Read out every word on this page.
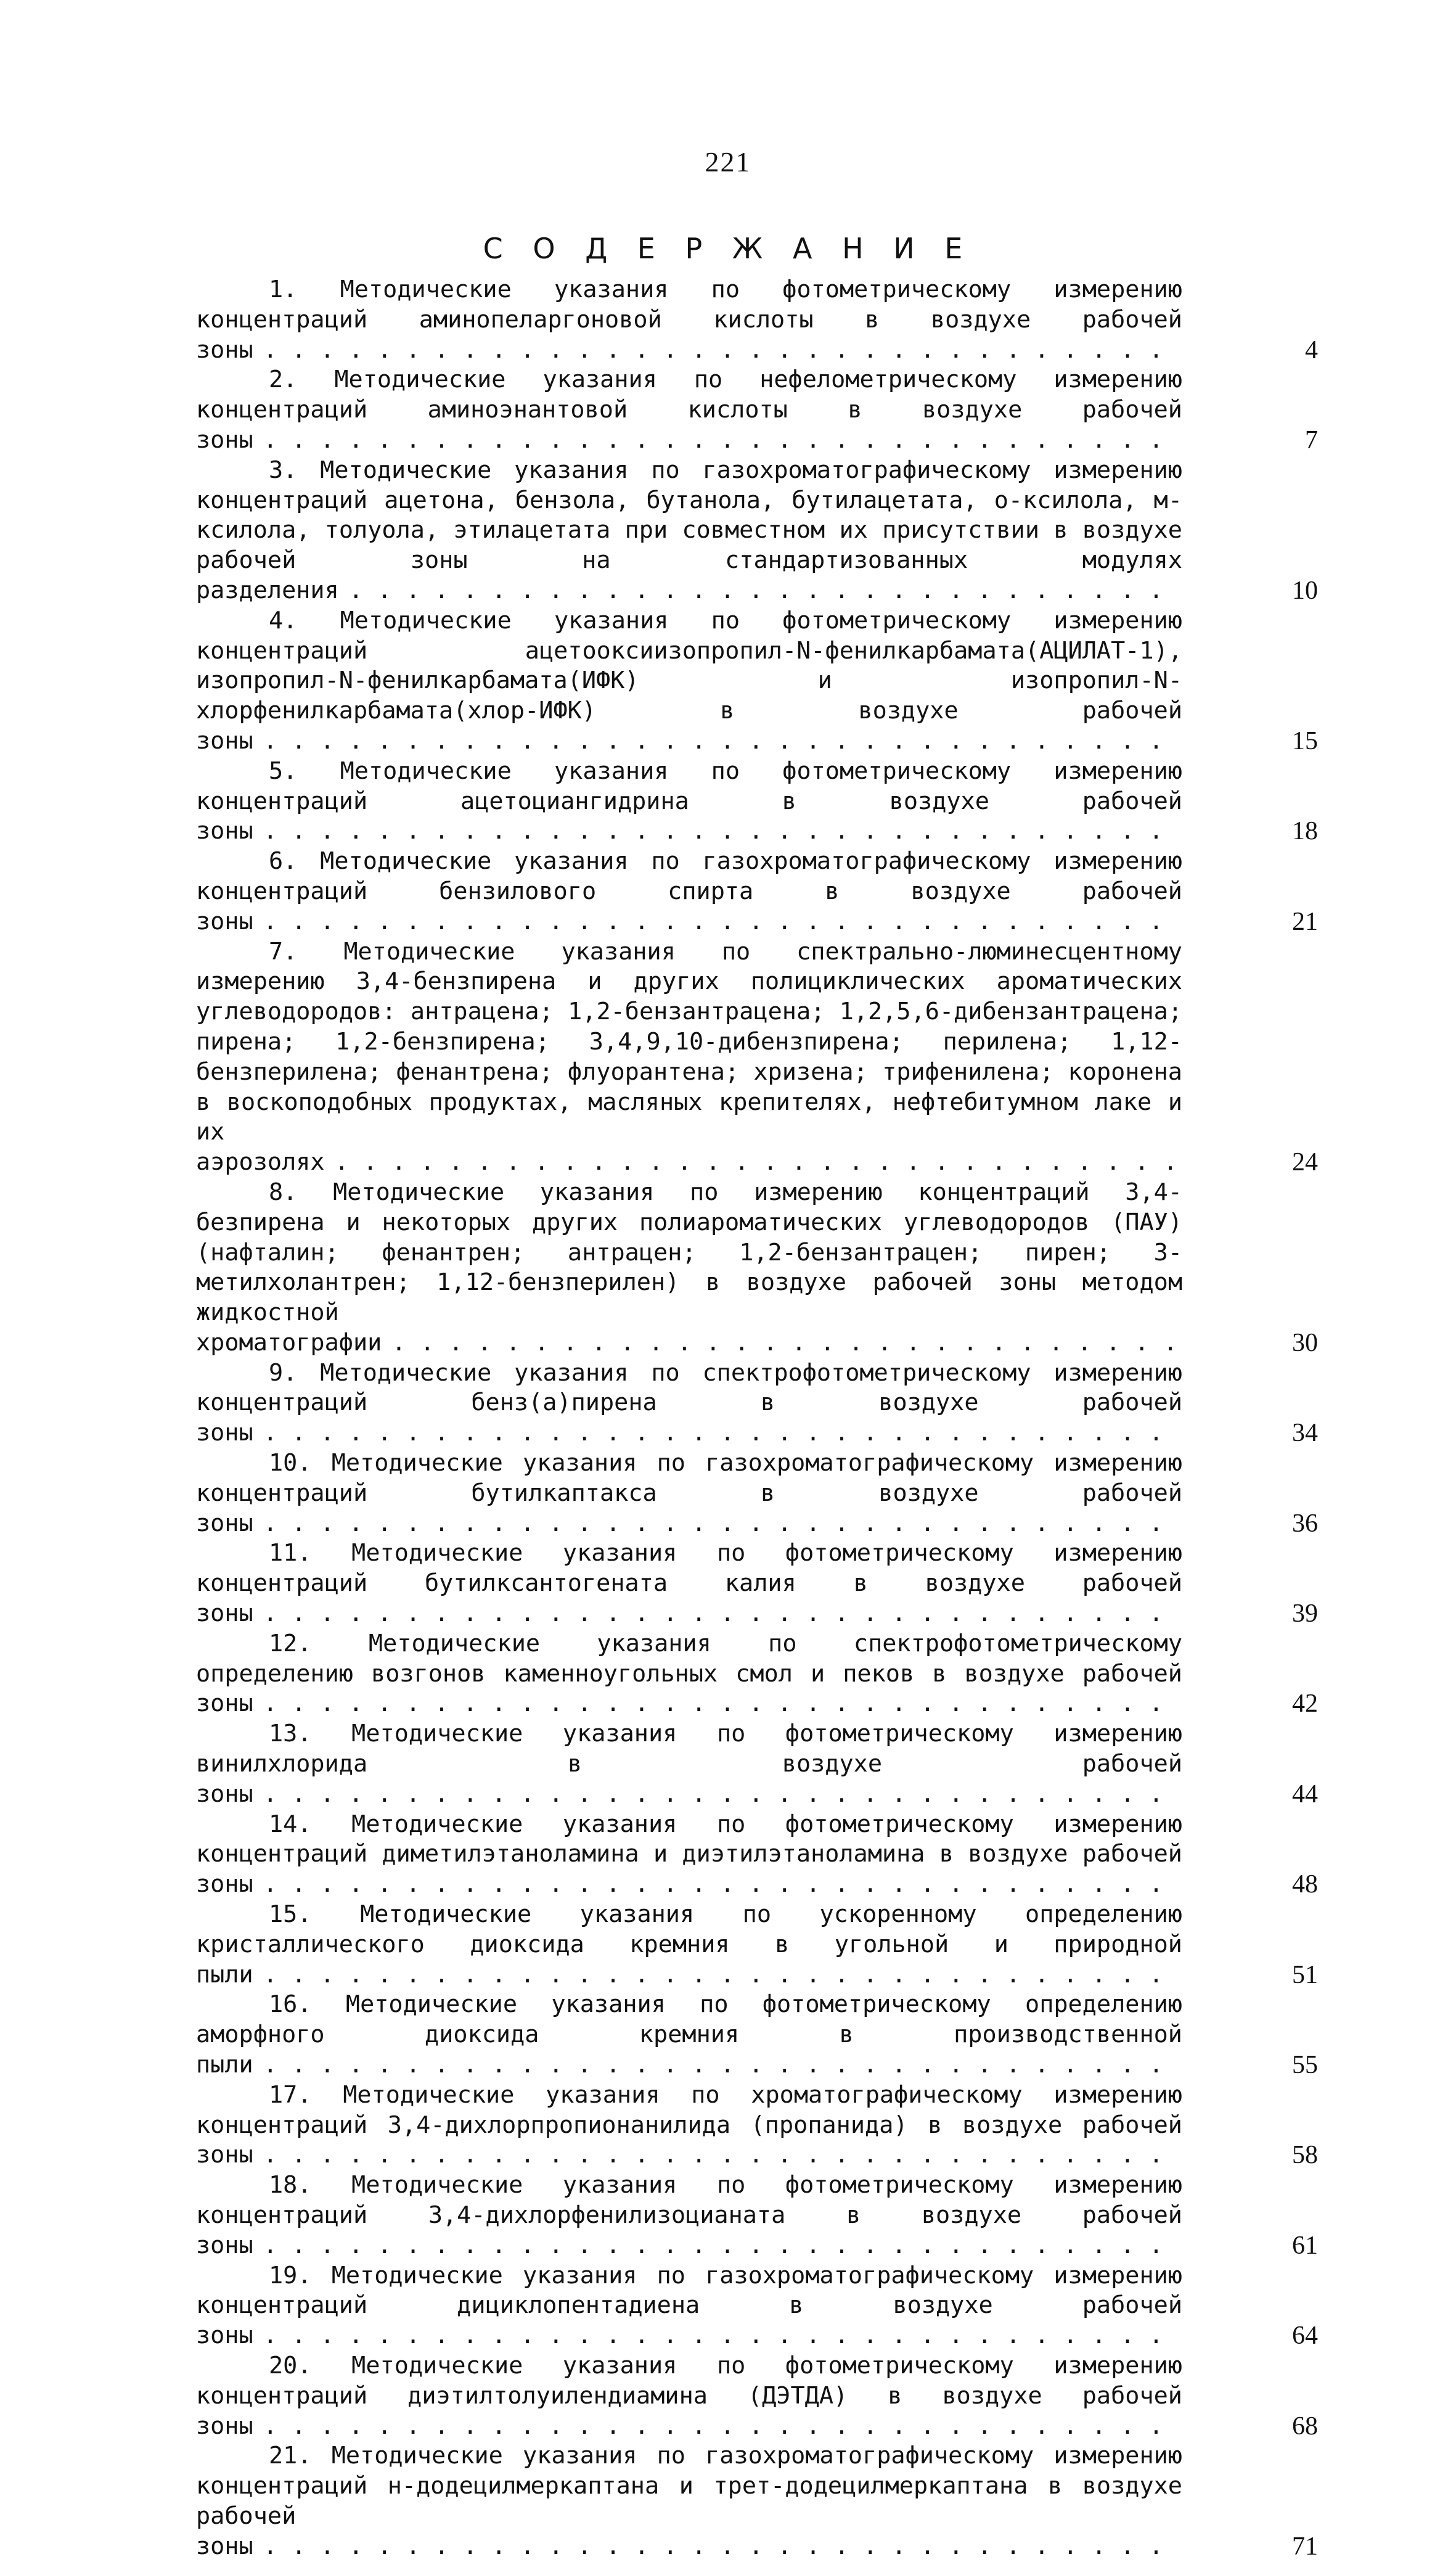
221
С О Д Е Р Ж А Н И Е
1. Методические указания по фотометрическому измерению концентраций аминопеларгоновой кислоты в воздухе рабочей зоны . . .	4
2. Методические указания по нефелометрическому измерению концентраций аминоэнантовой кислоты в воздухе рабочей зоны . . .	7
3. Методические указания по газохроматографическому измерению концентраций ацетона, бензола, бутанола, бутилацетата, о-ксилола, м-ксилола, толуола, этилацетата при совместном их присутствии в воздухе рабочей зоны на стандартизованных модулях разделения . . .	10
4. Методические указания по фотометрическому измерению концентраций ацетооксиизопропил-N-фенилкарбамата(АЦИЛАТ-1), изопропил-N-фенилкарбамата(ИФК) и изопропил-N-хлорфенилкарбамата(хлор-ИФК) в воздухе рабочей зоны . . .	15
5. Методические указания по фотометрическому измерению концентраций ацетоциангидрина в воздухе рабочей зоны . . .	18
6. Методические указания по газохроматографическому измерению концентраций бензилового спирта в воздухе рабочей зоны . . .	21
7. Методические указания по спектрально-люминесцентному измерению 3,4-бензпирена и других полициклических ароматических углеводородов: антрацена; 1,2-бензантрацена; 1,2,5,6-дибензантрацена; пирена; 1,2-бензпирена; 3,4,9,10-дибензпирена; перилена; 1,12-бензперилена; фенантрена; флуорантена; хризена; трифенилена; коронена в воскоподобных продуктах, масляных крепителях, нефтебитумном лаке и их аэрозолях . . .	24
8. Методические указания по измерению концентраций 3,4-безпирена и некоторых других полиароматических углеводородов (ПАУ) (нафталин; фенантрен; антрацен; 1,2-бензантрацен; пирен; 3-метилхолантрен; 1,12-бензперилен) в воздухе рабочей зоны методом жидкостной хроматографии . . .	30
9. Методические указания по спектрофотометрическому измерению концентраций бенз(а)пирена в воздухе рабочей зоны . . .	34
10. Методические указания по газохроматографическому измерению концентраций бутилкаптакса в воздухе рабочей зоны . . .	36
11. Методические указания по фотометрическому измерению концентраций бутилксантогената калия в воздухе рабочей зоны . . .	39
12. Методические указания по спектрофотометрическому определению возгонов каменноугольных смол и пеков в воздухе рабочей зоны . . .	42
13. Методические указания по фотометрическому измерению винилхлорида в воздухе рабочей зоны . . .	44
14. Методические указания по фотометрическому измерению концентраций диметилэтаноламина и диэтилэтаноламина в воздухе рабочей зоны . . .	48
15. Методические указания по ускоренному определению кристаллического диоксида кремния в угольной и природной пыли . . .	51
16. Методические указания по фотометрическому определению аморфного диоксида кремния в производственной пыли . . .	55
17. Методические указания по хроматографическому измерению концентраций 3,4-дихлорпропионанилида (пропанида) в воздухе рабочей зоны . . .	58
18. Методические указания по фотометрическому измерению концентраций 3,4-дихлорфенилизоцианата в воздухе рабочей зоны . . .	61
19. Методические указания по газохроматографическому измерению концентраций дициклопентадиена в воздухе рабочей зоны . . .	64
20. Методические указания по фотометрическому измерению концентраций диэтилтолуилендиамина (ДЭТДА) в воздухе рабочей зоны . . .	68
21. Методические указания по газохроматографическому измерению концентраций н-додецилмеркаптана и трет-додецилмеркаптана в воздухе рабочей зоны . . .	71
